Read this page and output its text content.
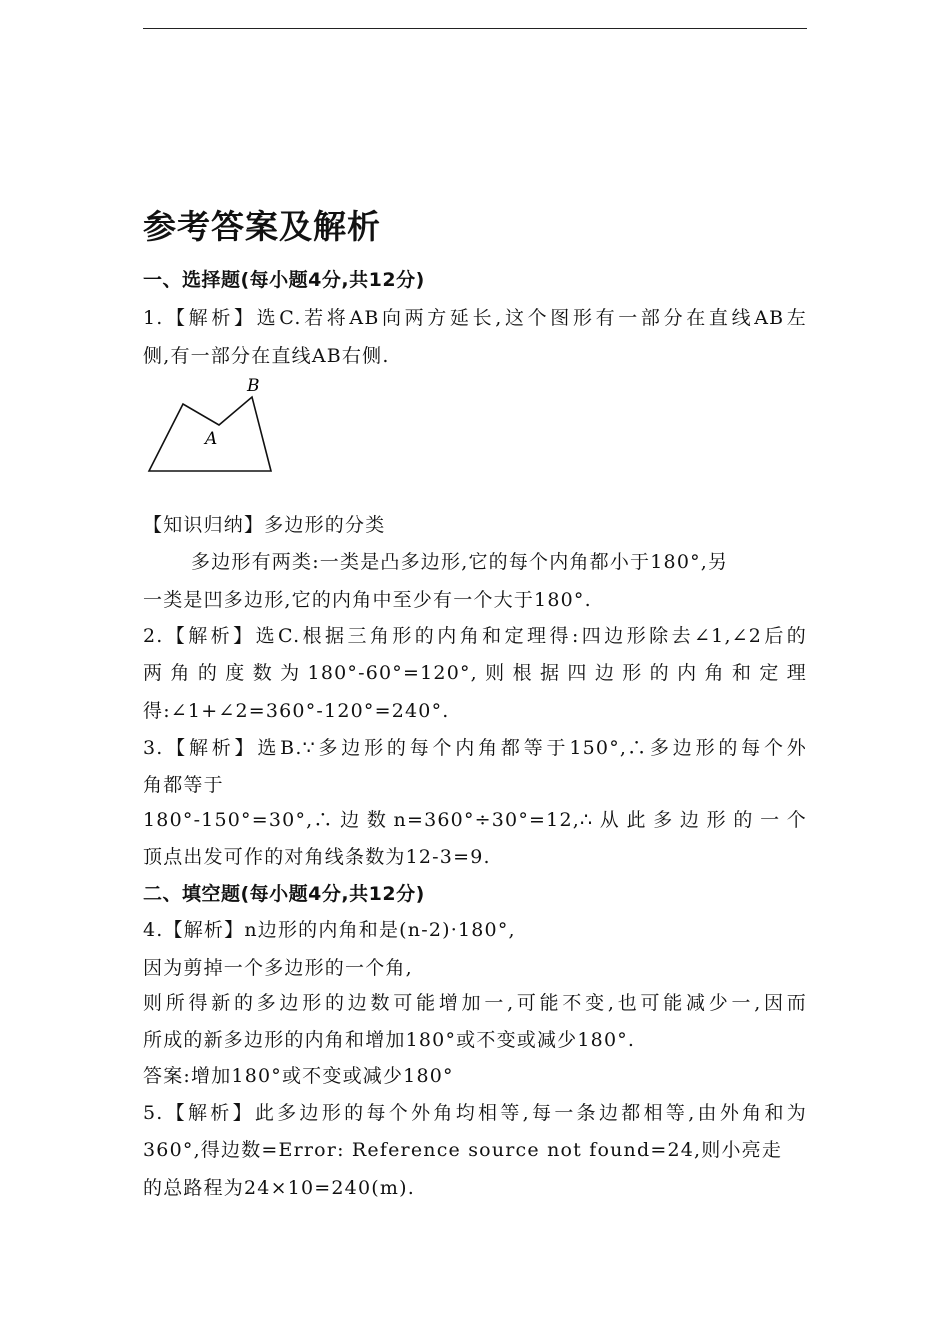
参考答案及解析
一、选择题(每小题4分,共12分)
1.【解析】选C.若将AB向两方延长,这个图形有一部分在直线AB左
侧,有一部分在直线AB右侧.
B
A
【知识归纳】多边形的分类
多边形有两类:一类是凸多边形,它的每个内角都小于180°,另
一类是凹多边形,它的内角中至少有一个大于180°.
2.【解析】选C.根据三角形的内角和定理得:四边形除去∠1,∠2后的
两角的度数为180°-60°=120°,则根据四边形的内角和定理
得:∠1+∠2=360°-120°=240°.
3.【解析】选B.∵多边形的每个内角都等于150°,∴多边形的每个外
角都等于
180°-150°=30°,∴边数n=360°÷30°=12,∴从此多边形的一个
顶点出发可作的对角线条数为12-3=9.
二、填空题(每小题4分,共12分)
4.【解析】n边形的内角和是(n-2)·180°,
因为剪掉一个多边形的一个角,
则所得新的多边形的边数可能增加一,可能不变,也可能减少一,因而
所成的新多边形的内角和增加180°或不变或减少180°.
答案:增加180°或不变或减少180°
5.【解析】此多边形的每个外角均相等,每一条边都相等,由外角和为
360°,得边数=Error: Reference source not found=24,则小亮走
的总路程为24×10=240(m).
